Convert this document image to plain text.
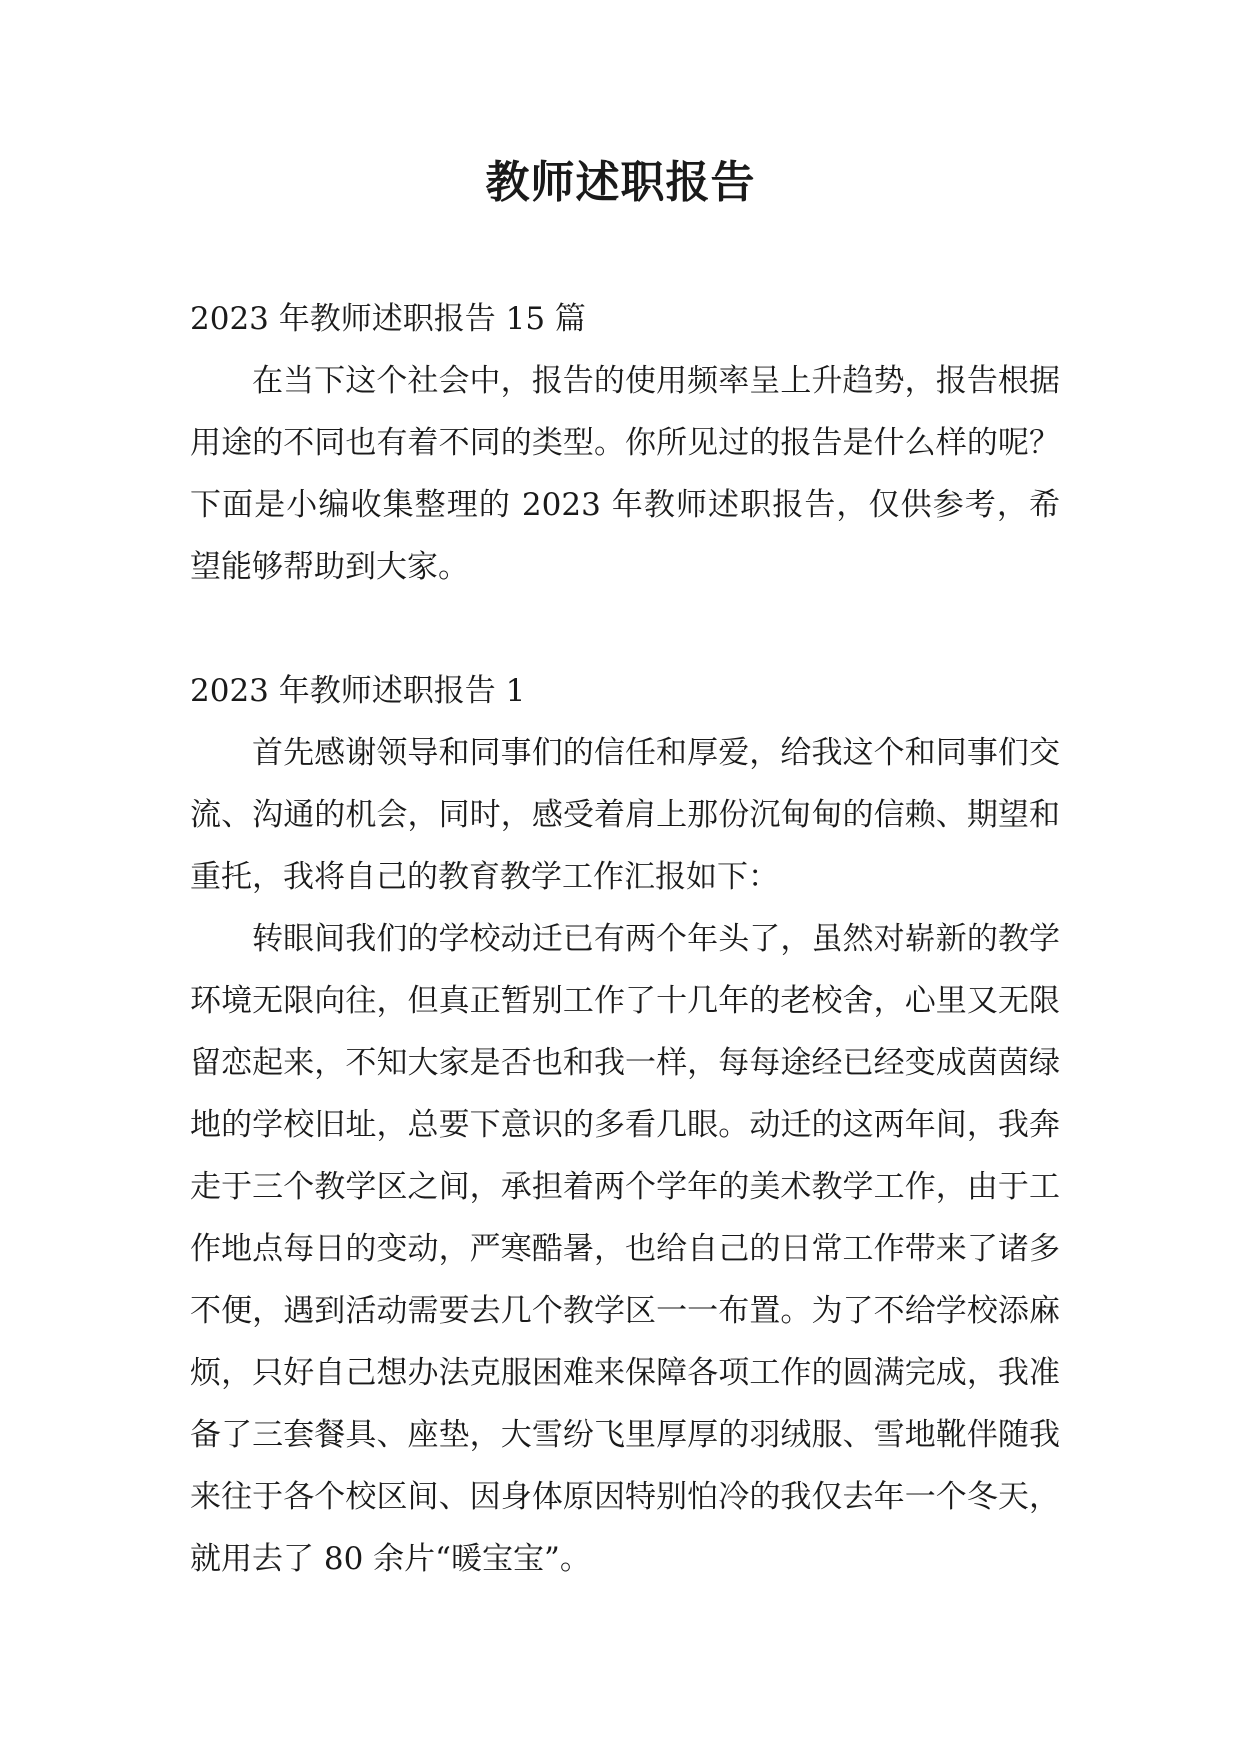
教师述职报告

2023 年教师述职报告 15 篇

在当下这个社会中，报告的使用频率呈上升趋势，报告根据用途的不同也有着不同的类型。你所见过的报告是什么样的呢？下面是小编收集整理的 2023 年教师述职报告，仅供参考，希望能够帮助到大家。

2023 年教师述职报告 1

首先感谢领导和同事们的信任和厚爱，给我这个和同事们交流、沟通的机会，同时，感受着肩上那份沉甸甸的信赖、期望和重托，我将自己的教育教学工作汇报如下：

转眼间我们的学校动迁已有两个年头了，虽然对崭新的教学环境无限向往，但真正暂别工作了十几年的老校舍，心里又无限留恋起来，不知大家是否也和我一样，每每途经已经变成茵茵绿地的学校旧址，总要下意识的多看几眼。动迁的这两年间，我奔走于三个教学区之间，承担着两个学年的美术教学工作，由于工作地点每日的变动，严寒酷暑，也给自己的日常工作带来了诸多不便，遇到活动需要去几个教学区一一布置。为了不给学校添麻烦，只好自己想办法克服困难来保障各项工作的圆满完成，我准备了三套餐具、座垫，大雪纷飞里厚厚的羽绒服、雪地靴伴随我来往于各个校区间、因身体原因特别怕冷的我仅去年一个冬天，就用去了 80 余片“暖宝宝”。
